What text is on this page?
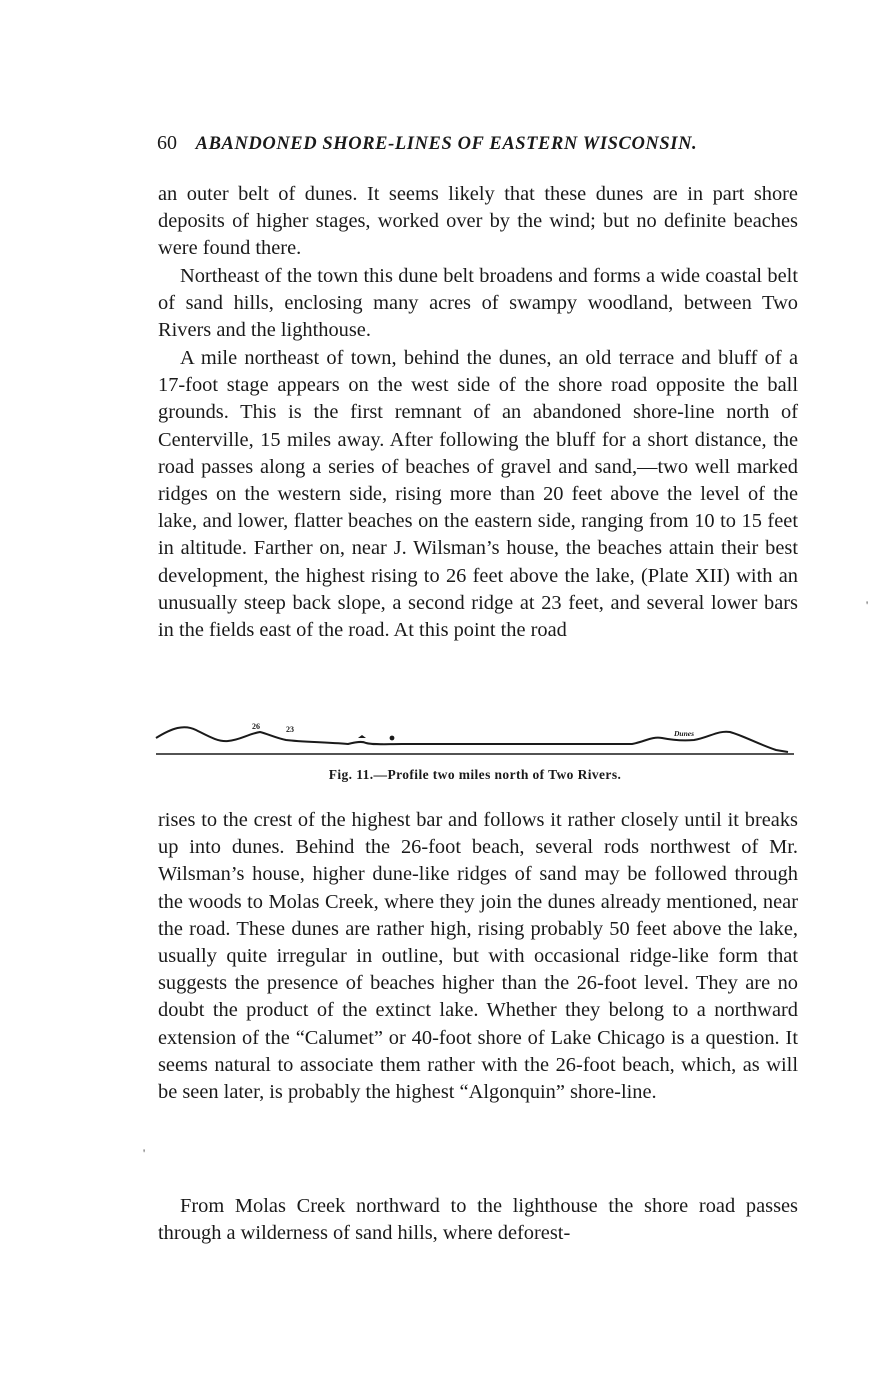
60 ABANDONED SHORE-LINES OF EASTERN WISCONSIN.

an outer belt of dunes. It seems likely that these dunes are in part shore deposits of higher stages, worked over by the wind; but no definite beaches were found there.

Northeast of the town this dune belt broadens and forms a wide coastal belt of sand hills, enclosing many acres of swampy woodland, between Two Rivers and the lighthouse.

A mile northeast of town, behind the dunes, an old terrace and bluff of a 17-foot stage appears on the west side of the shore road opposite the ball grounds. This is the first remnant of an abandoned shore-line north of Centerville, 15 miles away. After following the bluff for a short distance, the road passes along a series of beaches of gravel and sand,—two well marked ridges on the western side, rising more than 20 feet above the level of the lake, and lower, flatter beaches on the eastern side, ranging from 10 to 15 feet in altitude. Farther on, near J. Wilsman’s house, the beaches attain their best development, the highest rising to 26 feet above the lake, (Plate XII) with an unusually steep back slope, a second ridge at 23 feet, and several lower bars in the fields east of the road. At this point the road

26	23	Dunes
Fig. 11.—Profile two miles north of Two Rivers.

rises to the crest of the highest bar and follows it rather closely until it breaks up into dunes. Behind the 26-foot beach, several rods northwest of Mr. Wilsman’s house, higher dune-like ridges of sand may be followed through the woods to Molas Creek, where they join the dunes already mentioned, near the road. These dunes are rather high, rising probably 50 feet above the lake, usually quite irregular in outline, but with occasional ridge-like form that suggests the presence of beaches higher than the 26-foot level. They are no doubt the product of the extinct lake. Whether they belong to a northward extension of the “Calumet” or 40-foot shore of Lake Chicago is a question. It seems natural to associate them rather with the 26-foot beach, which, as will be seen later, is probably the highest “Algonquin” shore-line.

From Molas Creek northward to the lighthouse the shore road passes through a wilderness of sand hills, where deforest-

'
'
